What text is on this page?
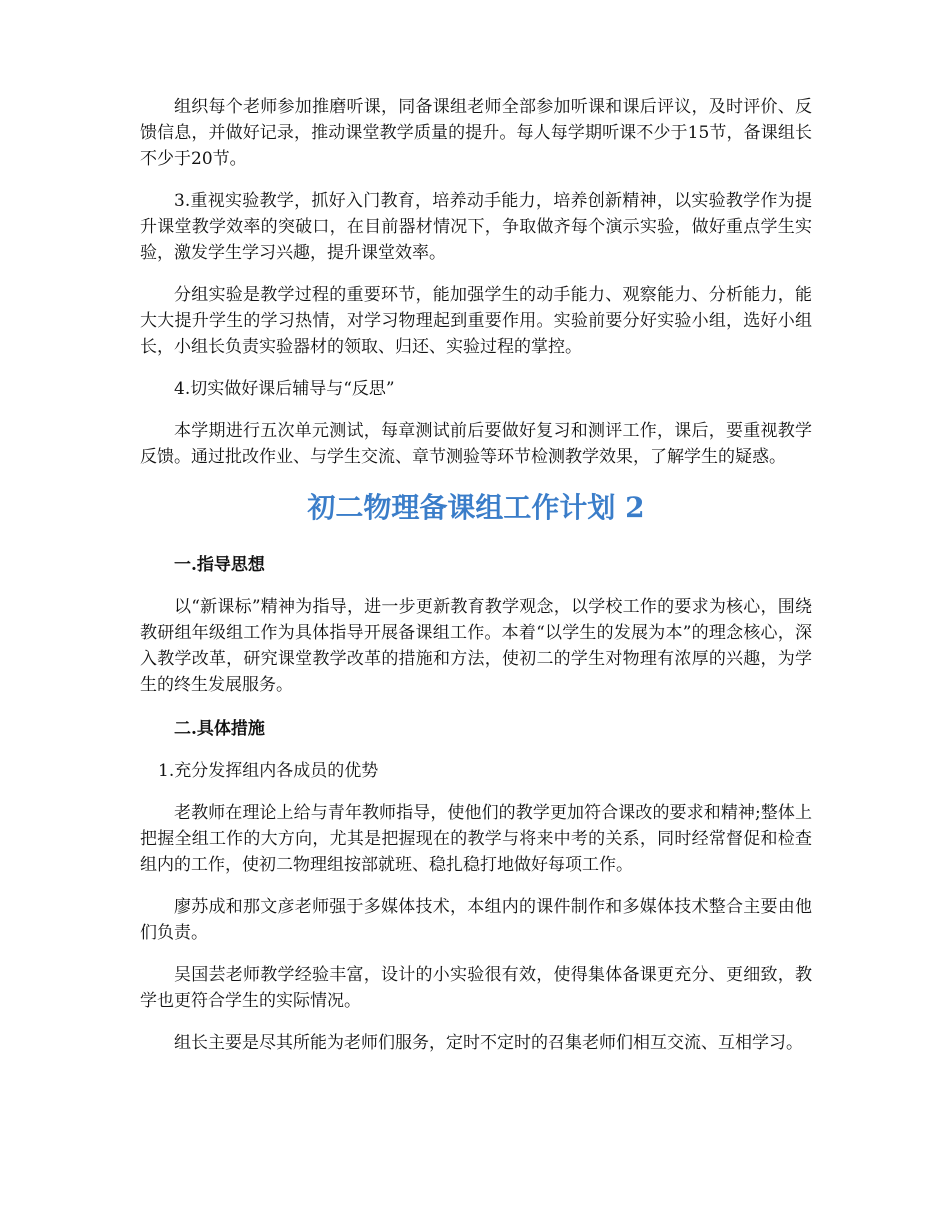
组织每个老师参加推磨听课，同备课组老师全部参加听课和课后评议，及时评价、反馈信息，并做好记录，推动课堂教学质量的提升。每人每学期听课不少于15节，备课组长不少于20节。

3.重视实验教学，抓好入门教育，培养动手能力，培养创新精神，以实验教学作为提升课堂教学效率的突破口，在目前器材情况下，争取做齐每个演示实验，做好重点学生实验，激发学生学习兴趣，提升课堂效率。

分组实验是教学过程的重要环节，能加强学生的动手能力、观察能力、分析能力，能大大提升学生的学习热情，对学习物理起到重要作用。实验前要分好实验小组，选好小组长，小组长负责实验器材的领取、归还、实验过程的掌控。

4.切实做好课后辅导与“反思”

本学期进行五次单元测试，每章测试前后要做好复习和测评工作，课后，要重视教学反馈。通过批改作业、与学生交流、章节测验等环节检测教学效果，了解学生的疑惑。

初二物理备课组工作计划 2
一.指导思想

以“新课标”精神为指导，进一步更新教育教学观念，以学校工作的要求为核心，围绕教研组年级组工作为具体指导开展备课组工作。本着“以学生的发展为本”的理念核心，深入教学改革，研究课堂教学改革的措施和方法，使初二的学生对物理有浓厚的兴趣，为学生的终生发展服务。

二.具体措施

1.充分发挥组内各成员的优势

老教师在理论上给与青年教师指导，使他们的教学更加符合课改的要求和精神;整体上把握全组工作的大方向，尤其是把握现在的教学与将来中考的关系，同时经常督促和检查组内的工作，使初二物理组按部就班、稳扎稳打地做好每项工作。

廖苏成和那文彦老师强于多媒体技术，本组内的课件制作和多媒体技术整合主要由他们负责。

吴国芸老师教学经验丰富，设计的小实验很有效，使得集体备课更充分、更细致，教学也更符合学生的实际情况。

组长主要是尽其所能为老师们服务，定时不定时的召集老师们相互交流、互相学习。
